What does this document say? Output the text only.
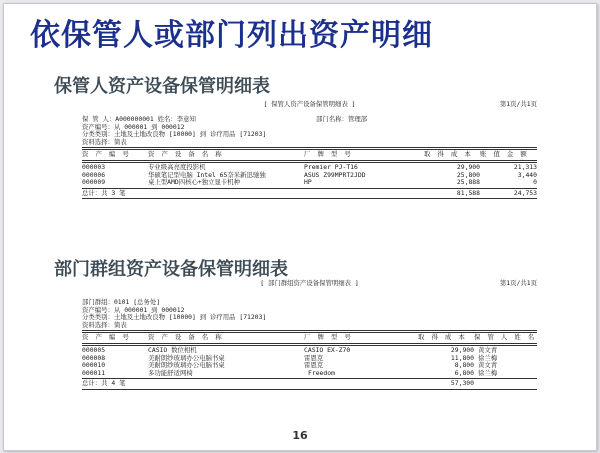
依保管人或部门列出资产明细
保管人资产设备保管明细表
[ 保管人资产设备保管明细表 ]	第1页/共1页
保 管 人：A000000001 姓名：李意知	部门名称：管理部
资产编号：从 000001 到 000012
分类类别：土地及土地改良物 [10000] 到 诊疗用品 [71203]
资料选择：简表
资 产 编 号	资 产 设 备 名 称	厂 牌 型 号	取 得 成 本 账 值 金 额
000003	专业级高亮度投影机	Premier PJ-T16	29,900	21,313
000006	华硕笔记型电脑 Intel 65奈米新迅驰独	ASUS Z99MPRT2JDD	25,800	3,440
000009	桌上型AMD四核心+独立显卡机种	HP	25,888	0
总计：共 3 笔	81,588	24,753
部门群组资产设备保管明细表
[ 部门群组资产设备保管明细表 ]	第1页/共1页
部门群组：0101 [总务处]
资产编号：从 000001 到 000012
分类类别：土地及土地改良物 [10000] 到 诊疗用品 [71203]
资料选择：简表
资 产 编 号	资 产 设 备 名 称	厂 牌 型 号	取 得 成 本 保 管 人 姓 名
000005	CASIO 数位相机	CASIO EX-Z70	29,900 黄文青
000008	美耐朗纱玻璃办公电脑书桌	雷恩克	11,800 徐兰梅
000010	美耐朗纱玻璃办公电脑书桌	雷恩克	8,800 黄文青
000011	多功能舒适网椅	Freedom	6,800 徐兰梅
总计：共 4 笔	57,300
16
